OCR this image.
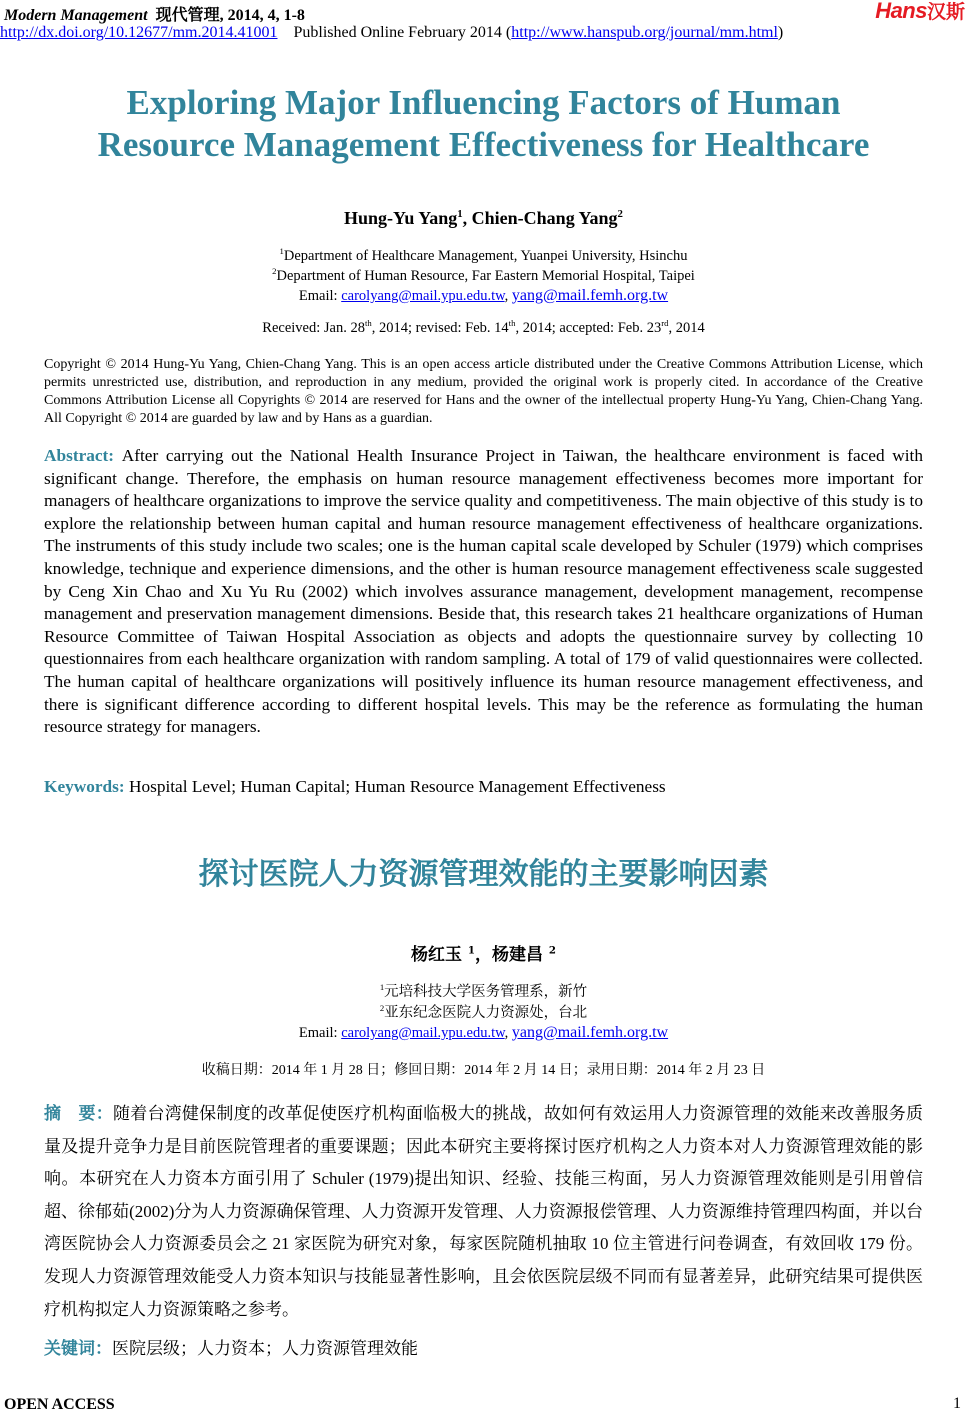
Modern Management 现代管理, 2014, 4, 1-8
http://dx.doi.org/10.12677/mm.2014.41001 Published Online February 2014 (http://www.hanspub.org/journal/mm.html)
Hans汉斯
Exploring Major Influencing Factors of Human
Resource Management Effectiveness for Healthcare
Hung-Yu Yang$^1$, Chien-Chang Yang$^2$
$^1$Department of Healthcare Management, Yuanpei University, Hsinchu
$^2$Department of Human Resource, Far Eastern Memorial Hospital, Taipei
Email: carolyang@mail.ypu.edu.tw, yang@mail.femh.org.tw
Received: Jan. 28th, 2014; revised: Feb. 14th, 2014; accepted: Feb. 23rd, 2014
Copyright © 2014 Hung-Yu Yang, Chien-Chang Yang. This is an open access article distributed under the Creative Commons Attribution License, which permits unrestricted use, distribution, and reproduction in any medium, provided the original work is properly cited. In accordance of the Creative Commons Attribution License all Copyrights © 2014 are reserved for Hans and the owner of the intellectual property Hung-Yu Yang, Chien-Chang Yang. All Copyright © 2014 are guarded by law and by Hans as a guardian.
Abstract: After carrying out the National Health Insurance Project in Taiwan, the healthcare environment is faced with significant change. Therefore, the emphasis on human resource management effectiveness becomes more important for managers of healthcare organizations to improve the service quality and competitiveness. The main objective of this study is to explore the relationship between human capital and human resource management effectiveness of healthcare organizations. The instruments of this study include two scales; one is the human capital scale developed by Schuler (1979) which comprises knowledge, technique and experience dimensions, and the other is human resource management effectiveness scale suggested by Ceng Xin Chao and Xu Yu Ru (2002) which involves assurance management, development management, recompense management and preservation management dimensions. Beside that, this research takes 21 healthcare organizations of Human Resource Committee of Taiwan Hospital Association as objects and adopts the questionnaire survey by collecting 10 questionnaires from each healthcare organization with random sampling. A total of 179 of valid questionnaires were collected. The human capital of healthcare organizations will positively influence its human resource management effectiveness, and there is significant difference according to different hospital levels. This may be the reference as formulating the human resource strategy for managers.
Keywords: Hospital Level; Human Capital; Human Resource Management Effectiveness
探讨医院人力资源管理效能的主要影响因素
杨红玉 $^1$，杨建昌 $^2$
$^1$元培科技大学医务管理系，新竹
$^2$亚东纪念医院人力资源处，台北
Email: carolyang@mail.ypu.edu.tw, yang@mail.femh.org.tw
收稿日期：2014 年 1 月 28 日；修回日期：2014 年 2 月 14 日；录用日期：2014 年 2 月 23 日
摘　要：随着台湾健保制度的改革促使医疗机构面临极大的挑战，故如何有效运用人力资源管理的效能来改善服务质量及提升竞争力是目前医院管理者的重要课题；因此本研究主要将探讨医疗机构之人力资本对人力资源管理效能的影响。本研究在人力资本方面引用了 Schuler (1979)提出知识、经验、技能三构面，另人力资源管理效能则是引用曾信超、徐郁茹(2002)分为人力资源确保管理、人力资源开发管理、人力资源报偿管理、人力资源维持管理四构面，并以台湾医院协会人力资源委员会之 21 家医院为研究对象，每家医院随机抽取 10 位主管进行问卷调查，有效回收 179 份。发现人力资源管理效能受人力资本知识与技能显著性影响，且会依医院层级不同而有显著差异，此研究结果可提供医疗机构拟定人力资源策略之参考。
关键词：医院层级；人力资本；人力资源管理效能
OPEN ACCESS	1
